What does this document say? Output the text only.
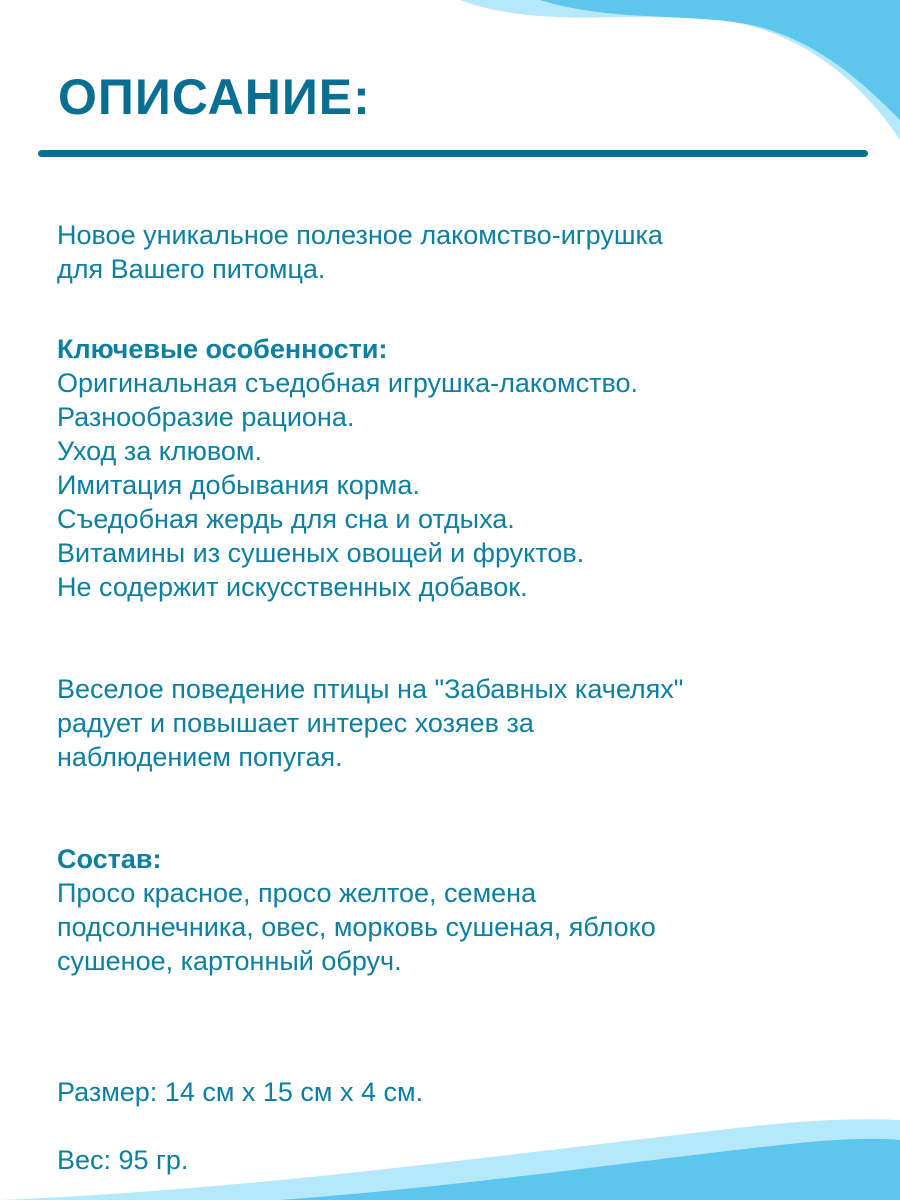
ОПИСАНИЕ:

Новое уникальное полезное лакомство-игрушка

для Вашего питомца.

Ключевые особенности:

Оригинальная съедобная игрушка-лакомство.

Разнообразие рациона.

Уход за клювом.

Имитация добывания корма.

Съедобная жердь для сна и отдыха.

Витамины из сушеных овощей и фруктов.

Не содержит искусственных добавок.

Веселое поведение птицы на "Забавных качелях"

радует и повышает интерес хозяев за

наблюдением попугая.

Состав:

Просо красное, просо желтое, семена

подсолнечника, овес, морковь сушеная, яблоко

сушеное, картонный обруч.

Размер: 14 см х 15 см х 4 см.

Вес: 95 гр.
